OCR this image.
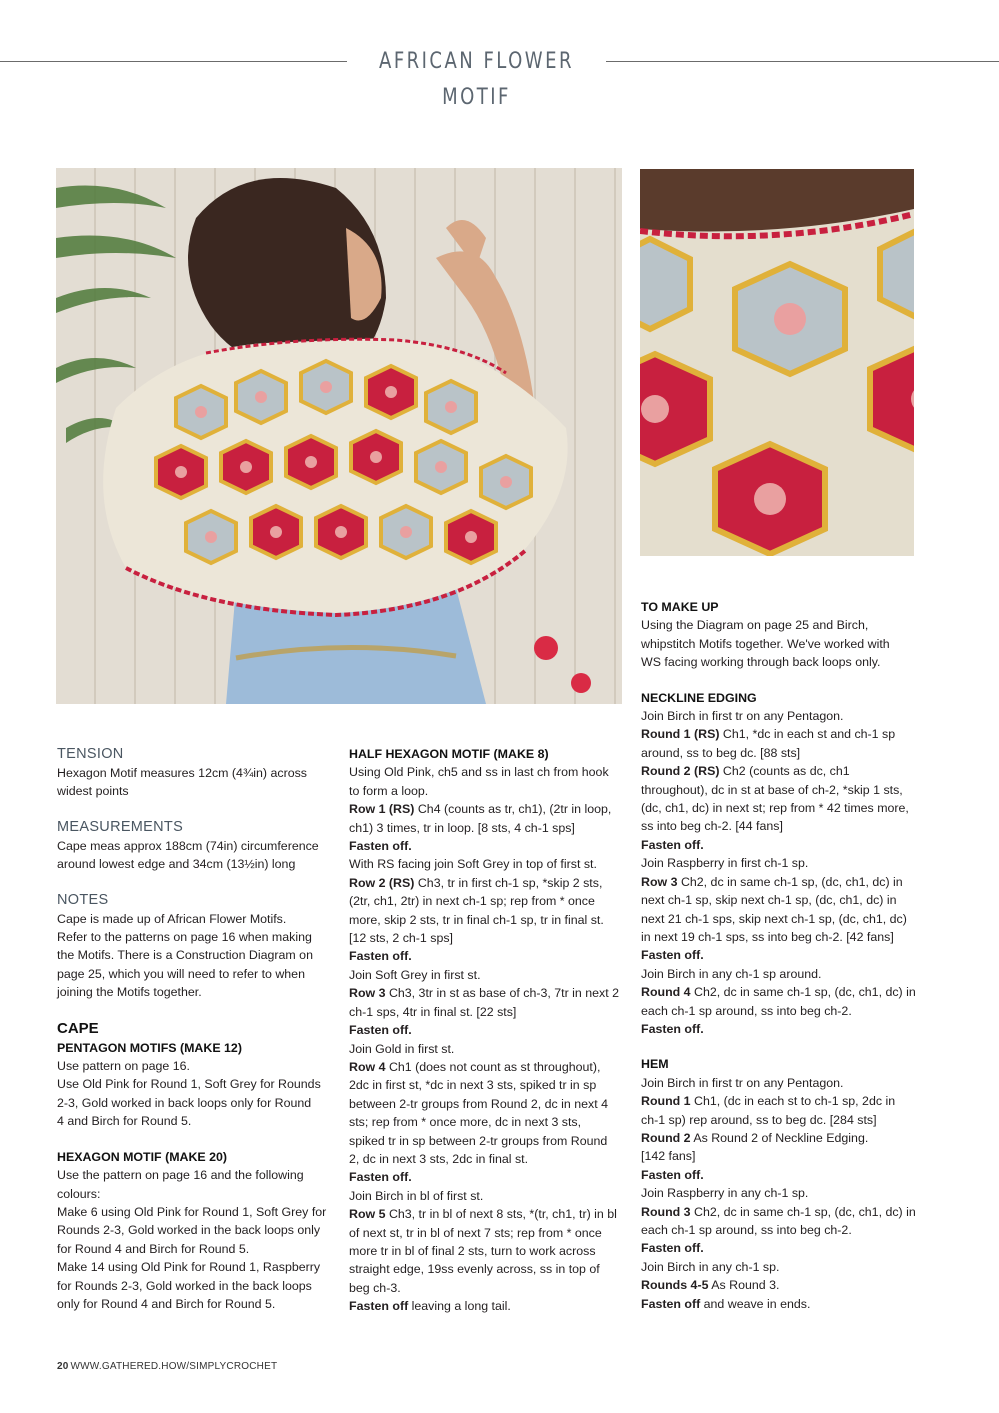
AFRICAN FLOWER MOTIF
TENSION
Hexagon Motif measures 12cm (4¾in) across
widest points
MEASUREMENTS
Cape meas approx 188cm (74in) circumference
around lowest edge and 34cm (13½in) long
NOTES
Cape is made up of African Flower Motifs.
Refer to the patterns on page 16 when making
the Motifs. There is a Construction Diagram on
page 25, which you will need to refer to when
joining the Motifs together.
CAPE
PENTAGON MOTIFS (MAKE 12)
Use pattern on page 16.
Use Old Pink for Round 1, Soft Grey for Rounds
2-3, Gold worked in back loops only for Round
4 and Birch for Round 5.
HEXAGON MOTIF (MAKE 20)
Use the pattern on page 16 and the following
colours:
Make 6 using Old Pink for Round 1, Soft Grey for
Rounds 2-3, Gold worked in the back loops only
for Round 4 and Birch for Round 5.
Make 14 using Old Pink for Round 1, Raspberry
for Rounds 2-3, Gold worked in the back loops
only for Round 4 and Birch for Round 5.
HALF HEXAGON MOTIF (MAKE 8)
Using Old Pink, ch5 and ss in last ch from hook
to form a loop.
Row 1 (RS) Ch4 (counts as tr, ch1), (2tr in loop,
ch1) 3 times, tr in loop. [8 sts, 4 ch-1 sps]
Fasten off.
With RS facing join Soft Grey in top of first st.
Row 2 (RS) Ch3, tr in first ch-1 sp, *skip 2 sts,
(2tr, ch1, 2tr) in next ch-1 sp; rep from * once
more, skip 2 sts, tr in final ch-1 sp, tr in final st.
[12 sts, 2 ch-1 sps]
Fasten off.
Join Soft Grey in first st.
Row 3 Ch3, 3tr in st as base of ch-3, 7tr in next 2
ch-1 sps, 4tr in final st. [22 sts]
Fasten off.
Join Gold in first st.
Row 4 Ch1 (does not count as st throughout),
2dc in first st, *dc in next 3 sts, spiked tr in sp
between 2-tr groups from Round 2, dc in next 4
sts; rep from * once more, dc in next 3 sts,
spiked tr in sp between 2-tr groups from Round
2, dc in next 3 sts, 2dc in final st.
Fasten off.
Join Birch in bl of first st.
Row 5 Ch3, tr in bl of next 8 sts, *(tr, ch1, tr) in bl
of next st, tr in bl of next 7 sts; rep from * once
more tr in bl of final 2 sts, turn to work across
straight edge, 19ss evenly across, ss in top of
beg ch-3.
Fasten off leaving a long tail.
TO MAKE UP
Using the Diagram on page 25 and Birch,
whipstitch Motifs together. We've worked with
WS facing working through back loops only.
NECKLINE EDGING
Join Birch in first tr on any Pentagon.
Round 1 (RS) Ch1, *dc in each st and ch-1 sp
around, ss to beg dc. [88 sts]
Round 2 (RS) Ch2 (counts as dc, ch1
throughout), dc in st at base of ch-2, *skip 1 sts,
(dc, ch1, dc) in next st; rep from * 42 times more,
ss into beg ch-2. [44 fans]
Fasten off.
Join Raspberry in first ch-1 sp.
Row 3 Ch2, dc in same ch-1 sp, (dc, ch1, dc) in
next ch-1 sp, skip next ch-1 sp, (dc, ch1, dc) in
next 21 ch-1 sps, skip next ch-1 sp, (dc, ch1, dc)
in next 19 ch-1 sps, ss into beg ch-2. [42 fans]
Fasten off.
Join Birch in any ch-1 sp around.
Round 4 Ch2, dc in same ch-1 sp, (dc, ch1, dc) in
each ch-1 sp around, ss into beg ch-2.
Fasten off.
HEM
Join Birch in first tr on any Pentagon.
Round 1 Ch1, (dc in each st to ch-1 sp, 2dc in
ch-1 sp) rep around, ss to beg dc. [284 sts]
Round 2 As Round 2 of Neckline Edging.
[142 fans]
Fasten off.
Join Raspberry in any ch-1 sp.
Round 3 Ch2, dc in same ch-1 sp, (dc, ch1, dc) in
each ch-1 sp around, ss into beg ch-2.
Fasten off.
Join Birch in any ch-1 sp.
Rounds 4-5 As Round 3.
Fasten off and weave in ends.
20 WWW.GATHERED.HOW/SIMPLYCROCHET
